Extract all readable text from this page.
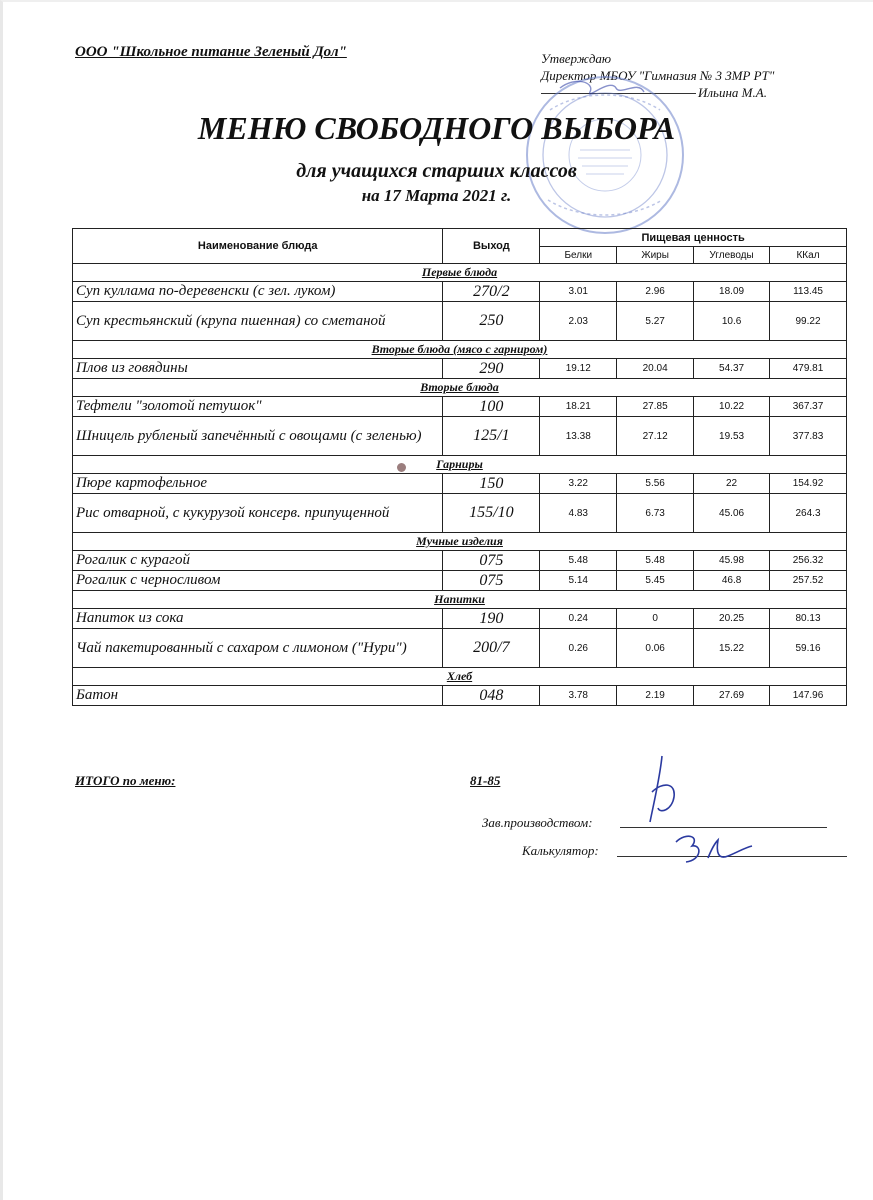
ООО "Школьное питание Зеленый Дол"	Утверждаю
Директор МБОУ "Гимназия № 3 ЗМР РТ"
Ильина М.А.
МЕНЮ СВОБОДНОГО ВЫБОРА
для учащихся старших классов
на 17 Марта 2021 г.
Наименование блюда	Выход	Пищевая ценность			
		Белки	Жиры	Углеводы	ККал
Первые блюда					
Суп куллама по-деревенски (с зел. луком)	270/2	3.01	2.96	18.09	113.45
Суп крестьянский (крупа пшенная) со сметаной	250	2.03	5.27	10.6	99.22
Вторые блюда (мясо с гарниром)					
Плов из говядины	290	19.12	20.04	54.37	479.81
Вторые блюда					
Тефтели "золотой петушок"	100	18.21	27.85	10.22	367.37
Шницель рубленый запечённый с овощами (с зеленью)	125/1	13.38	27.12	19.53	377.83
Гарниры					
Пюре картофельное	150	3.22	5.56	22	154.92
Рис отварной, с кукурузой консерв. припущенной	155/10	4.83	6.73	45.06	264.3
Мучные изделия					
Рогалик с курагой	075	5.48	5.48	45.98	256.32
Рогалик с черносливом	075	5.14	5.45	46.8	257.52
Напитки					
Напиток из сока	190	0.24	0	20.25	80.13
Чай пакетированный с сахаром с лимоном ("Нури")	200/7	0.26	0.06	15.22	59.16
Хлеб					
Батон	048	3.78	2.19	27.69	147.96
ИТОГО по меню:	81-85
Зав.производством:
Калькулятор:
